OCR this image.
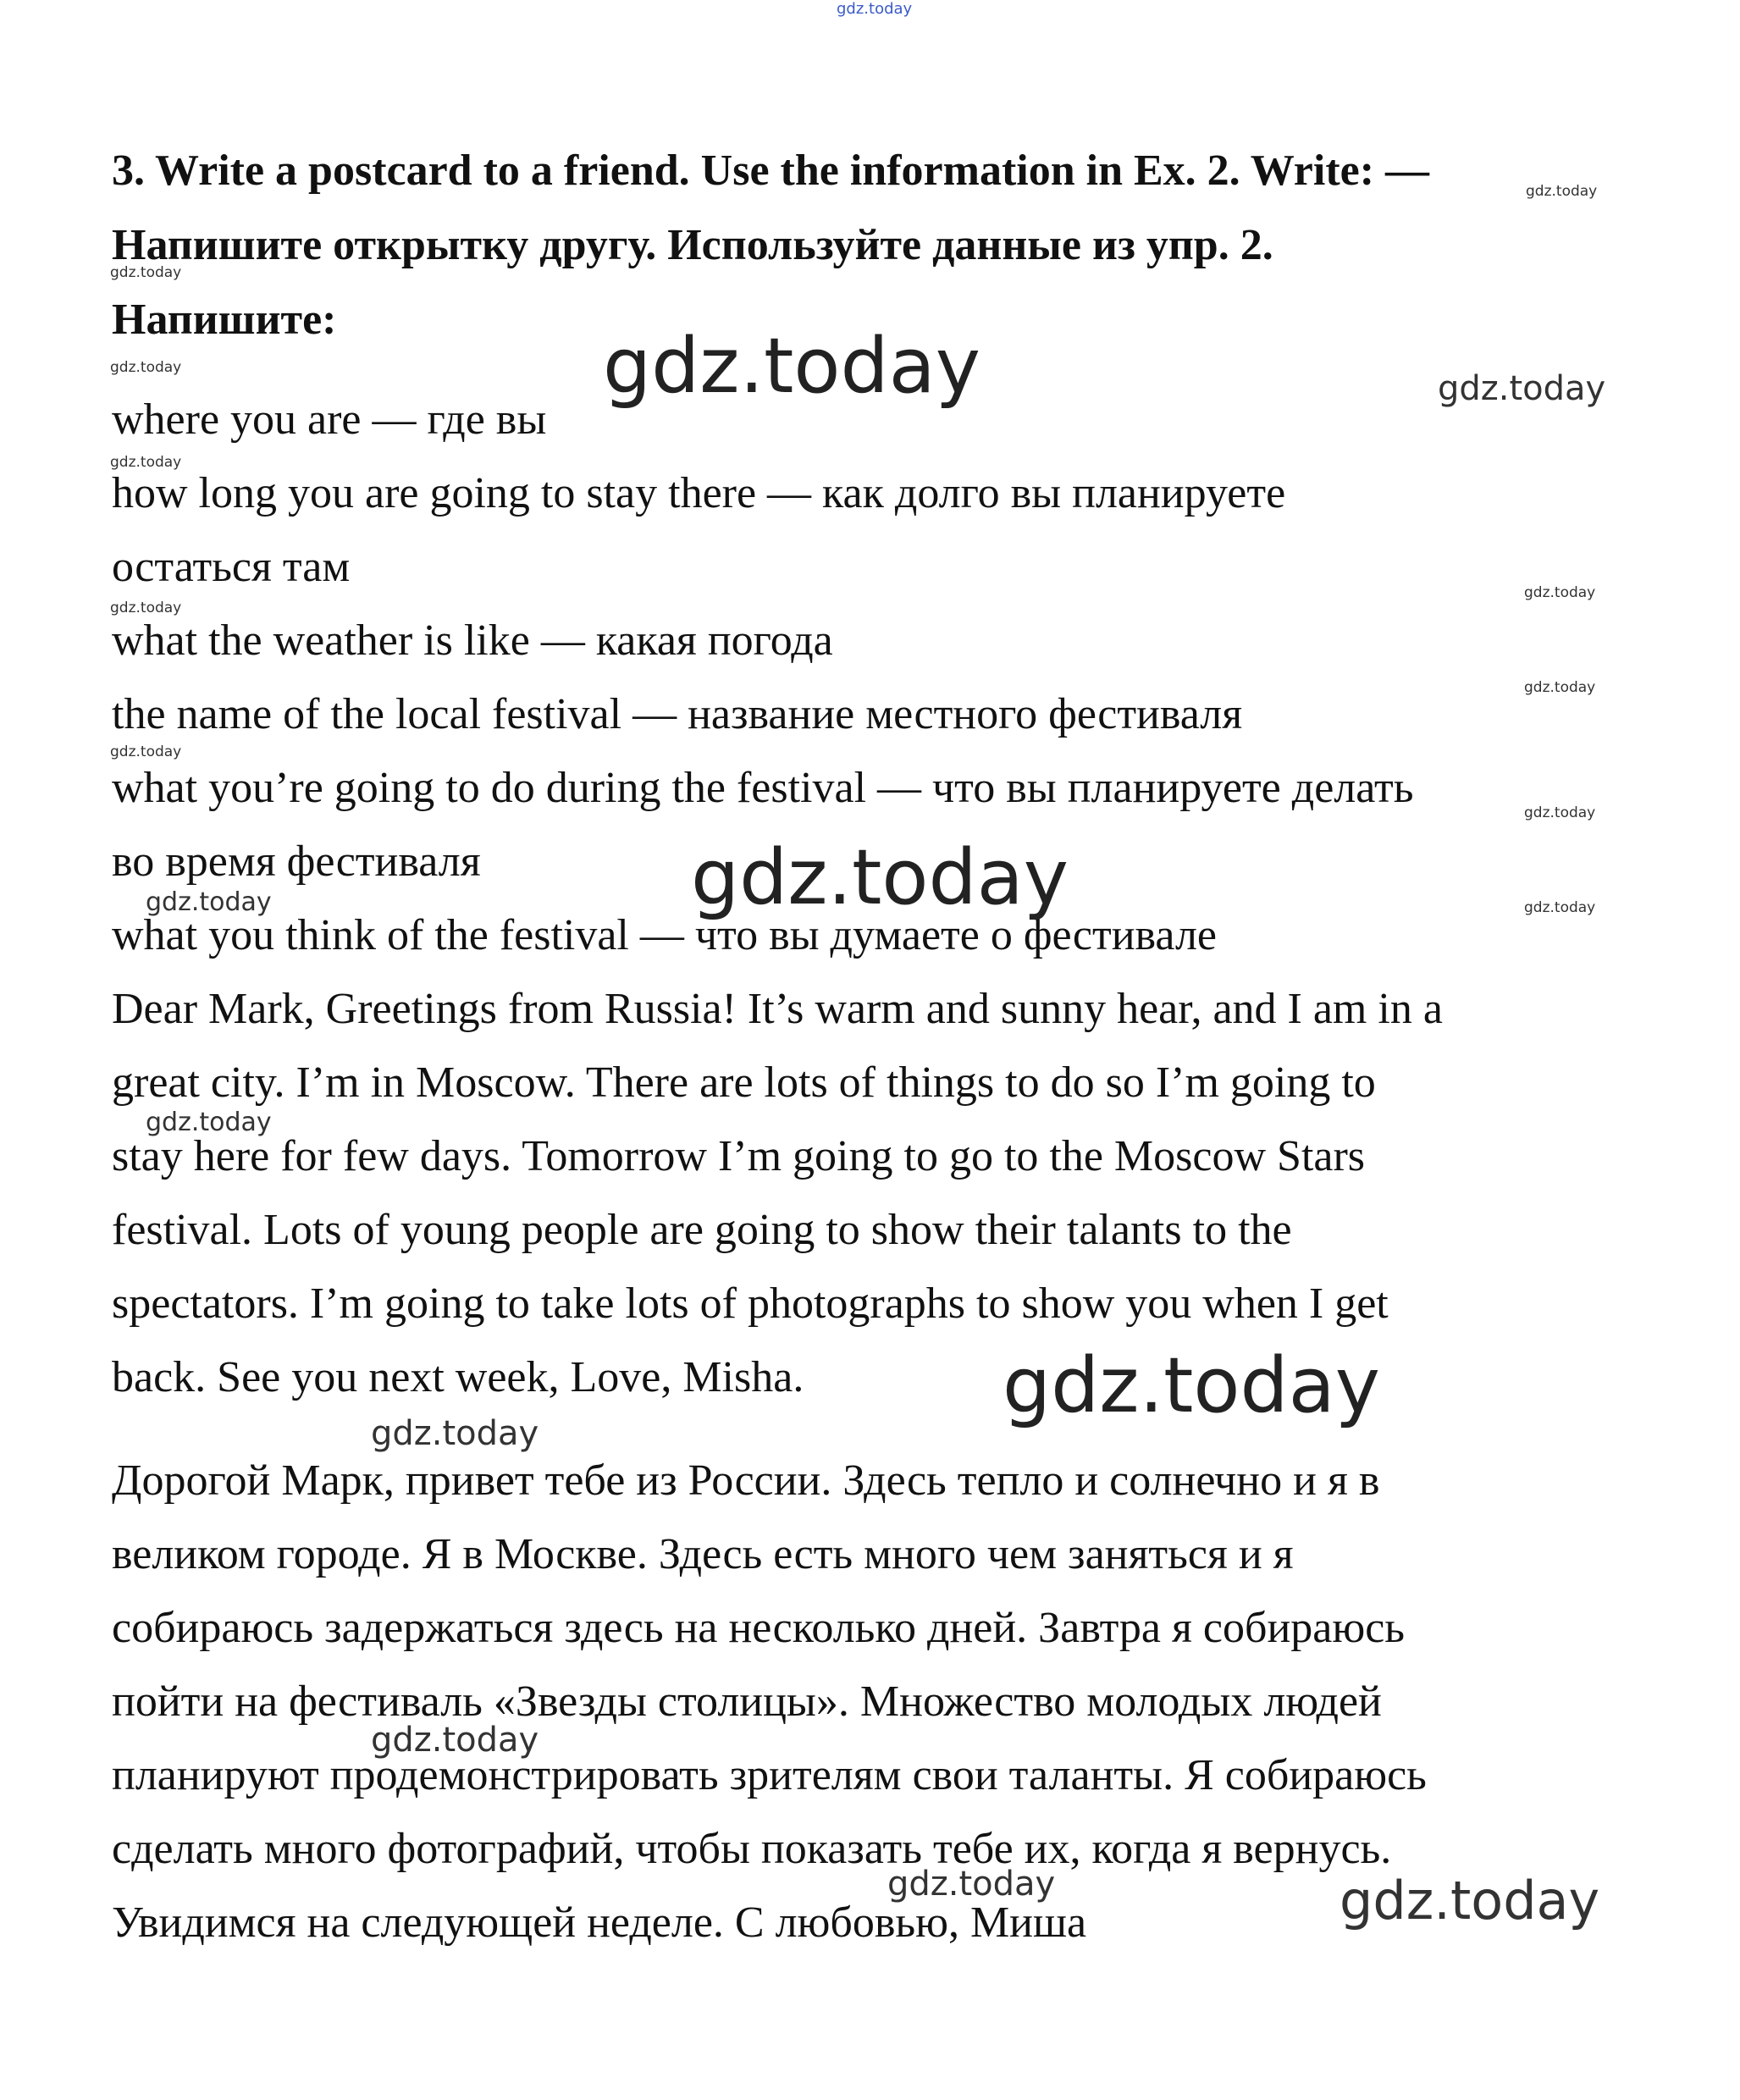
gdz.today
3. Write a postcard to a friend. Use the information in Ex. 2. Write: —
Напишите открытку другу. Используйте данные из упр. 2.
Напишите:
where you are — где вы
how long you are going to stay there — как долго вы планируете
остаться там
what the weather is like — какая погода
the name of the local festival — название местного фестиваля
what you’re going to do during the festival — что вы планируете делать
во время фестиваля
what you think of the festival — что вы думаете о фестивале
Dear Mark, Greetings from Russia! It’s warm and sunny hear, and I am in a
great city. I’m in Moscow. There are lots of things to do so I’m going to
stay here for few days. Tomorrow I’m going to go to the Moscow Stars
festival. Lots of young people are going to show their talants to the
spectators. I’m going to take lots of photographs to show you when I get
back. See you next week, Love, Misha.
Дорогой Марк, привет тебе из России. Здесь тепло и солнечно и я в
великом городе. Я в Москве. Здесь есть много чем заняться и я
собираюсь задержаться здесь на несколько дней. Завтра я собираюсь
пойти на фестиваль «Звезды столицы». Множество молодых людей
планируют продемонстрировать зрителям свои таланты. Я собираюсь
сделать много фотографий, чтобы показать тебе их, когда я вернусь.
Увидимся на следующей неделе. С любовью, Миша
gdz.today
gdz.today
gdz.today
gdz.today
gdz.today
gdz.today
gdz.today
gdz.today
gdz.today
gdz.today
gdz.today
gdz.today
gdz.today
gdz.today
gdz.today
gdz.today
gdz.today
gdz.today
gdz.today
gdz.today
